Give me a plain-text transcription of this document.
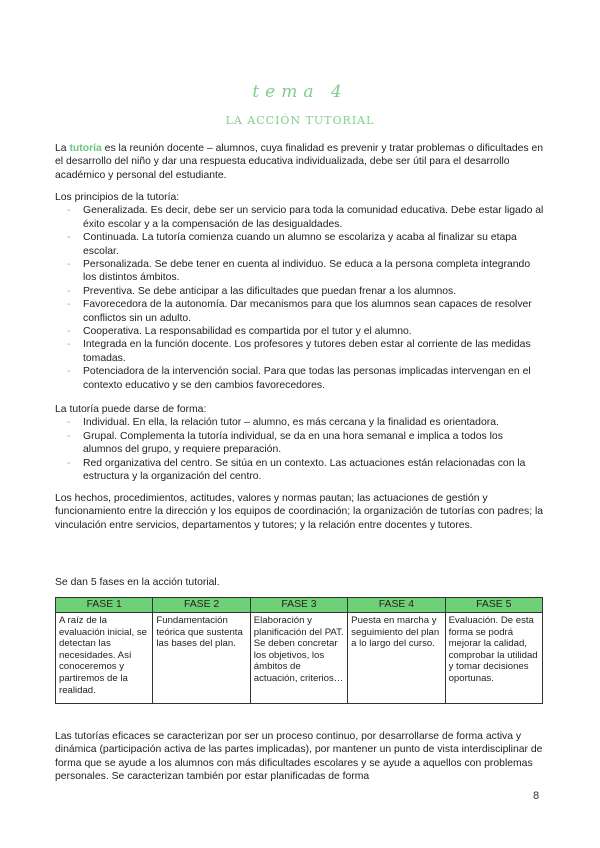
tema 4
LA ACCIÓN TUTORIAL

La tutoría es la reunión docente – alumnos, cuya finalidad es prevenir y tratar problemas o dificultades en el desarrollo del niño y dar una respuesta educativa individualizada, debe ser útil para el desarrollo académico y personal del estudiante.

Los principios de la tutoría:

- Generalizada. Es decir, debe ser un servicio para toda la comunidad educativa. Debe estar ligado al éxito escolar y a la compensación de las desigualdades.
- Continuada. La tutoría comienza cuando un alumno se escolariza y acaba al finalizar su etapa escolar.
- Personalizada. Se debe tener en cuenta al individuo. Se educa a la persona completa integrando los distintos ámbitos.
- Preventiva. Se debe anticipar a las dificultades que puedan frenar a los alumnos.
- Favorecedora de la autonomía. Dar mecanismos para que los alumnos sean capaces de resolver conflictos sin un adulto.
- Cooperativa. La responsabilidad es compartida por el tutor y el alumno.
- Integrada en la función docente. Los profesores y tutores deben estar al corriente de las medidas tomadas.
- Potenciadora de la intervención social. Para que todas las personas implicadas intervengan en el contexto educativo y se den cambios favorecedores.

La tutoría puede darse de forma:

- Individual. En ella, la relación tutor – alumno, es más cercana y la finalidad es orientadora.
- Grupal. Complementa la tutoría individual, se da en una hora semanal e implica a todos los alumnos del grupo, y requiere preparación.
- Red organizativa del centro. Se sitúa en un contexto. Las actuaciones están relacionadas con la estructura y la organización del centro.

Los hechos, procedimientos, actitudes, valores y normas pautan; las actuaciones de gestión y funcionamiento entre la dirección y los equipos de coordinación; la organización de tutorías con padres; la vinculación entre servicios, departamentos y tutores; y la relación entre docentes y tutores.

Se dan 5 fases en la acción tutorial.

FASE 1	FASE 2	FASE 3	FASE 4	FASE 5
A raíz de la evaluación inicial, se detectan las necesidades. Así conoceremos y partiremos de la realidad.	Fundamentación teórica que sustenta las bases del plan.	Elaboración y planificación del PAT. Se deben concretar los objetivos, los ámbitos de actuación, criterios…	Puesta en marcha y seguimiento del plan a lo largo del curso.	Evaluación. De esta forma se podrá mejorar la calidad, comprobar la utilidad y tomar decisiones oportunas.

Las tutorías eficaces se caracterizan por ser un proceso continuo, por desarrollarse de forma activa y dinámica (participación activa de las partes implicadas), por mantener un punto de vista interdisciplinar de forma que se ayude a los alumnos con más dificultades escolares y se ayude a aquellos con problemas personales. Se caracterizan también por estar planificadas de forma

8
